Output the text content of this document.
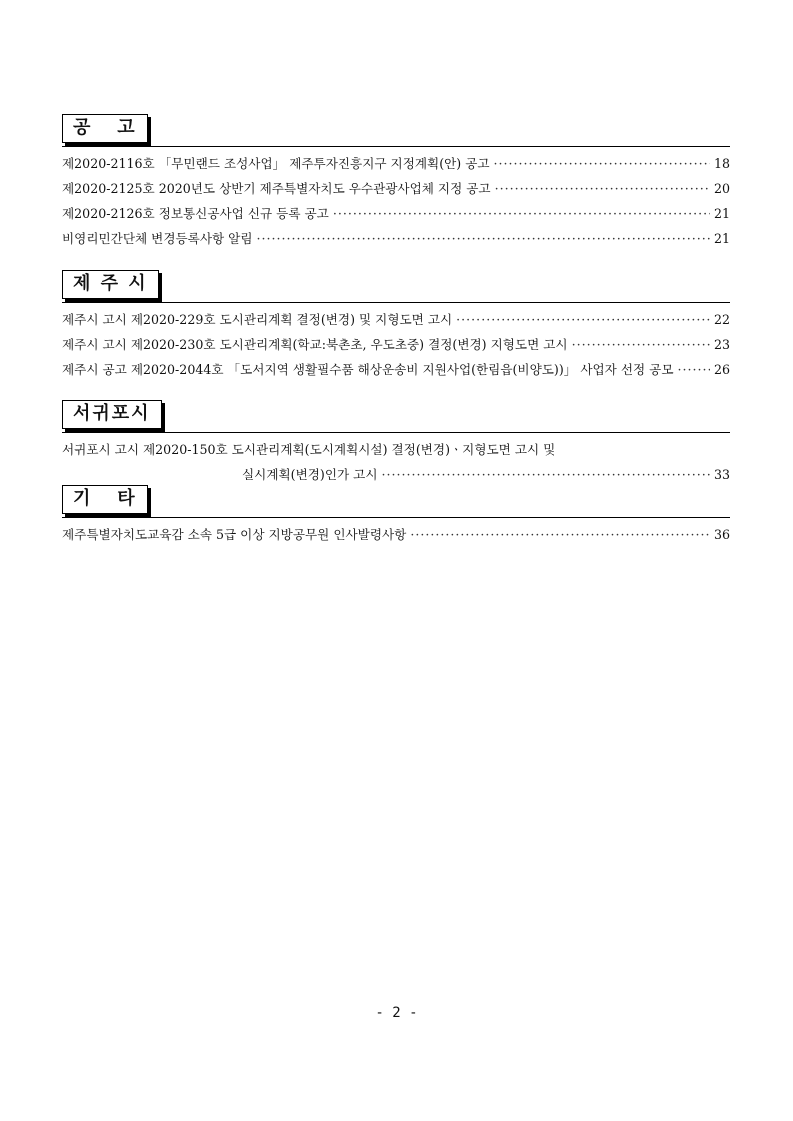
공   고
제2020-2116호 「무민랜드 조성사업」 제주투자진흥지구 지정계획(안) 공고 ·····	18
제2020-2125호 2020년도 상반기 제주특별자치도 우수관광사업체 지정 공고 ·····	20
제2020-2126호 정보통신공사업 신규 등록 공고 ·····	21
비영리민간단체 변경등록사항 알림 ·····	21
제 주 시
제주시 고시 제2020-229호 도시관리계획 결정(변경) 및 지형도면 고시 ·····	22
제주시 고시 제2020-230호 도시관리계획(학교:북촌초, 우도초중) 결정(변경) 지형도면 고시 ·····	23
제주시 공고 제2020-2044호 「도서지역 생활필수품 해상운송비 지원사업(한림읍(비양도))」 사업자 선정 공모 ·····	26
서귀포시
서귀포시 고시 제2020-150호 도시관리계획(도시계획시설) 결정(변경)ㆍ지형도면 고시 및
실시계획(변경)인가 고시 ·····	33
기   타
제주특별자치도교육감 소속 5급 이상 지방공무원 인사발령사항 ·····	36
- 2 -
